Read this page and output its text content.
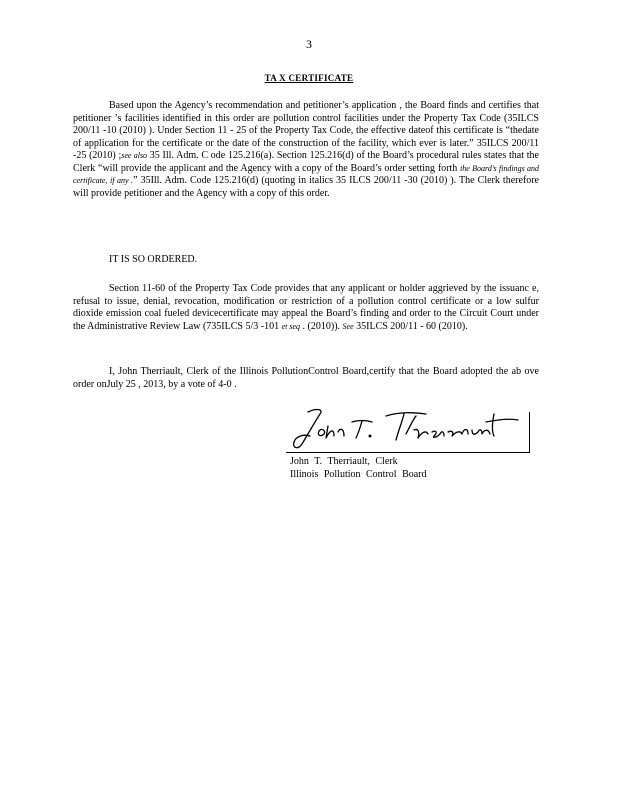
3
TA X CERTIFICATE

Based upon the Agency’s recommendation and petitioner’s application , the Board finds and certifies that petitioner ’s facilities identified in this order are pollution control facilities under the Property Tax Code (35ILCS 200/11 -10 (2010) ). Under Section 11 - 25 of the Property Tax Code, the effective dateof this certificate is “thedate of application for the certificate or the date of the construction of the facility, which ever is later.” 35ILCS 200/11 -25 (2010) ;see also 35 Ill. Adm. C ode 125.216(a). Section 125.216(d) of the Board’s procedural rules states that the Clerk “will provide the applicant and the Agency with a copy of the Board’s order setting forth the Board’s findings and certificate, if any .” 35Ill. Adm. Code 125.216(d) (quoting in italics 35 ILCS 200/11 -30 (2010) ). The Clerk therefore will provide petitioner and the Agency with a copy of this order.

IT IS SO ORDERED.

Section 11-60 of the Property Tax Code provides that any applicant or holder aggrieved by the issuanc e, refusal to issue, denial, revocation, modification or restriction of a pollution control certificate or a low sulfur dioxide emission coal fueled devicecertificate may appeal the Board’s finding and order to the Circuit Court under the Administrative Review Law (735ILCS 5/3 -101 et seq . (2010)). See 35ILCS 200/11 - 60 (2010).

I, John Therriault, Clerk of the Illinois PollutionControl Board,certify that the Board adopted the ab ove order onJuly 25 , 2013, by a vote of 4-0 .

John T. Therriault, Clerk
Illinois Pollution Control Board
